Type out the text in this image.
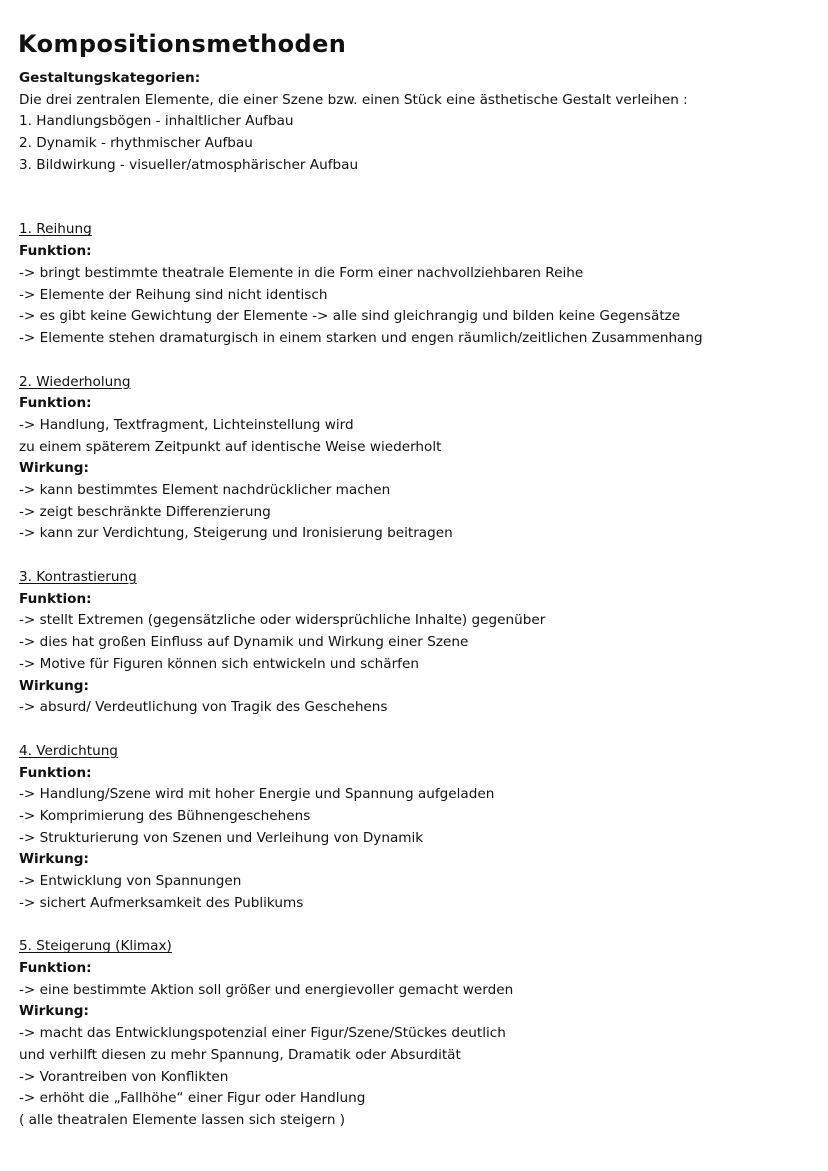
Kompositionsmethoden
Gestaltungskategorien:
Die drei zentralen Elemente, die einer Szene bzw. einen Stück eine ästhetische Gestalt verleihen :
1. Handlungsbögen - inhaltlicher Aufbau
2. Dynamik - rhythmischer Aufbau
3. Bildwirkung - visueller/atmosphärischer Aufbau
1. Reihung
Funktion:
-> bringt bestimmte theatrale Elemente in die Form einer nachvollziehbaren Reihe
-> Elemente der Reihung sind nicht identisch
-> es gibt keine Gewichtung der Elemente -> alle sind gleichrangig und bilden keine Gegensätze
-> Elemente stehen dramaturgisch in einem starken und engen räumlich/zeitlichen Zusammenhang
2. Wiederholung
Funktion:
-> Handlung, Textfragment, Lichteinstellung wird
zu einem späterem Zeitpunkt auf identische Weise wiederholt
Wirkung:
-> kann bestimmtes Element nachdrücklicher machen
-> zeigt beschränkte Differenzierung
-> kann zur Verdichtung, Steigerung und Ironisierung beitragen
3. Kontrastierung
Funktion:
-> stellt Extremen (gegensätzliche oder widersprüchliche Inhalte) gegenüber
-> dies hat großen Einfluss auf Dynamik und Wirkung einer Szene
-> Motive für Figuren können sich entwickeln und schärfen
Wirkung:
-> absurd/ Verdeutlichung von Tragik des Geschehens
4. Verdichtung
Funktion:
-> Handlung/Szene wird mit hoher Energie und Spannung aufgeladen
-> Komprimierung des Bühnengeschehens
-> Strukturierung von Szenen und Verleihung von Dynamik
Wirkung:
-> Entwicklung von Spannungen
-> sichert Aufmerksamkeit des Publikums
5. Steigerung (Klimax)
Funktion:
-> eine bestimmte Aktion soll größer und energievoller gemacht werden
Wirkung:
-> macht das Entwicklungspotenzial einer Figur/Szene/Stückes deutlich
und verhilft diesen zu mehr Spannung, Dramatik oder Absurdität
-> Vorantreiben von Konflikten
-> erhöht die „Fallhöhe“ einer Figur oder Handlung
( alle theatralen Elemente lassen sich steigern )
